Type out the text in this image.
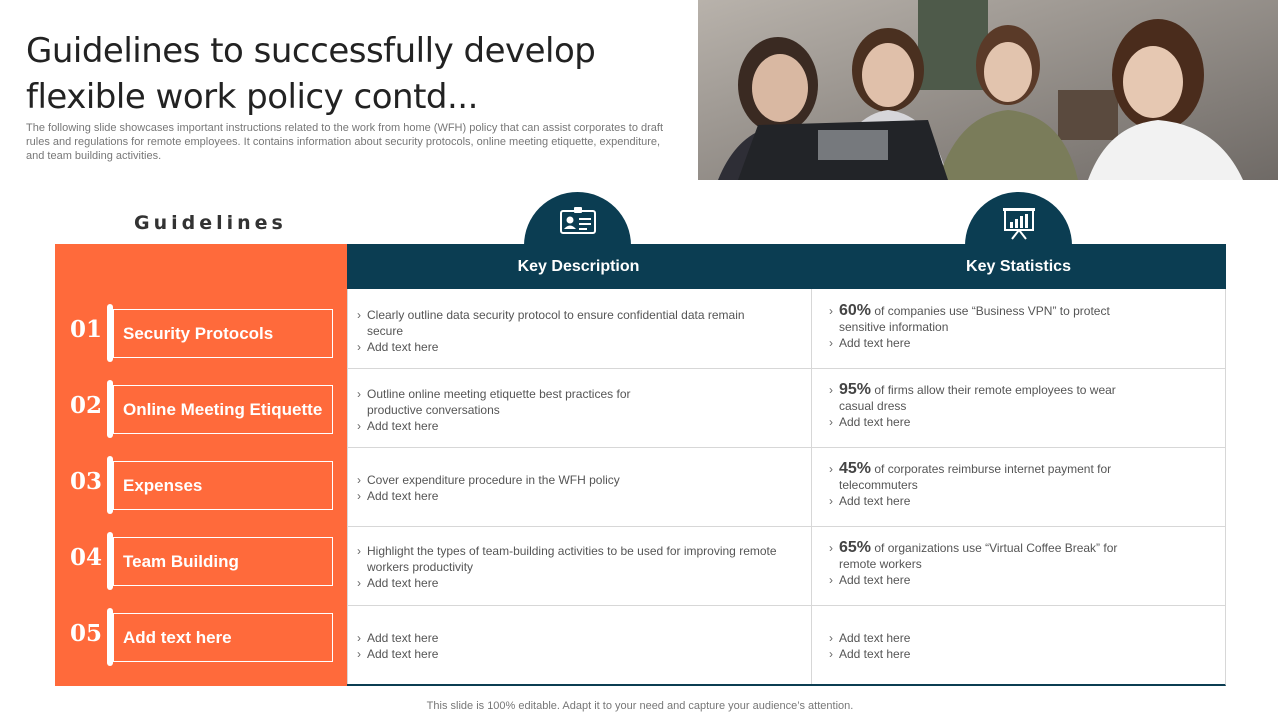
Guidelines to successfully develop flexible work policy contd...

The following slide showcases important instructions related to the work from home (WFH) policy that can assist corporates to draft rules and regulations for remote employees. It contains information about security protocols, online meeting etiquette, expenditure, and team building activities.

Guidelines
01 Security Protocols
02 Online Meeting Etiquette
03 Expenses
04 Team Building
05 Add text here
Key Description	Key Statistics
› Clearly outline data security protocol to ensure confidential data remain secure
› Add text here
› 60% of companies use “Business VPN” to protect sensitive information
› Add text here
› Outline online meeting etiquette best practices for productive conversations
› Add text here
› 95% of firms allow their remote employees to wear casual dress
› Add text here
› Cover expenditure procedure in the WFH policy
› Add text here
› 45% of corporates reimburse internet payment for telecommuters
› Add text here
› Highlight the types of team-building activities to be used for improving remote workers productivity
› Add text here
› 65% of organizations use “Virtual Coffee Break” for remote workers
› Add text here
› Add text here
› Add text here
› Add text here
› Add text here
This slide is 100% editable. Adapt it to your need and capture your audience’s attention.
